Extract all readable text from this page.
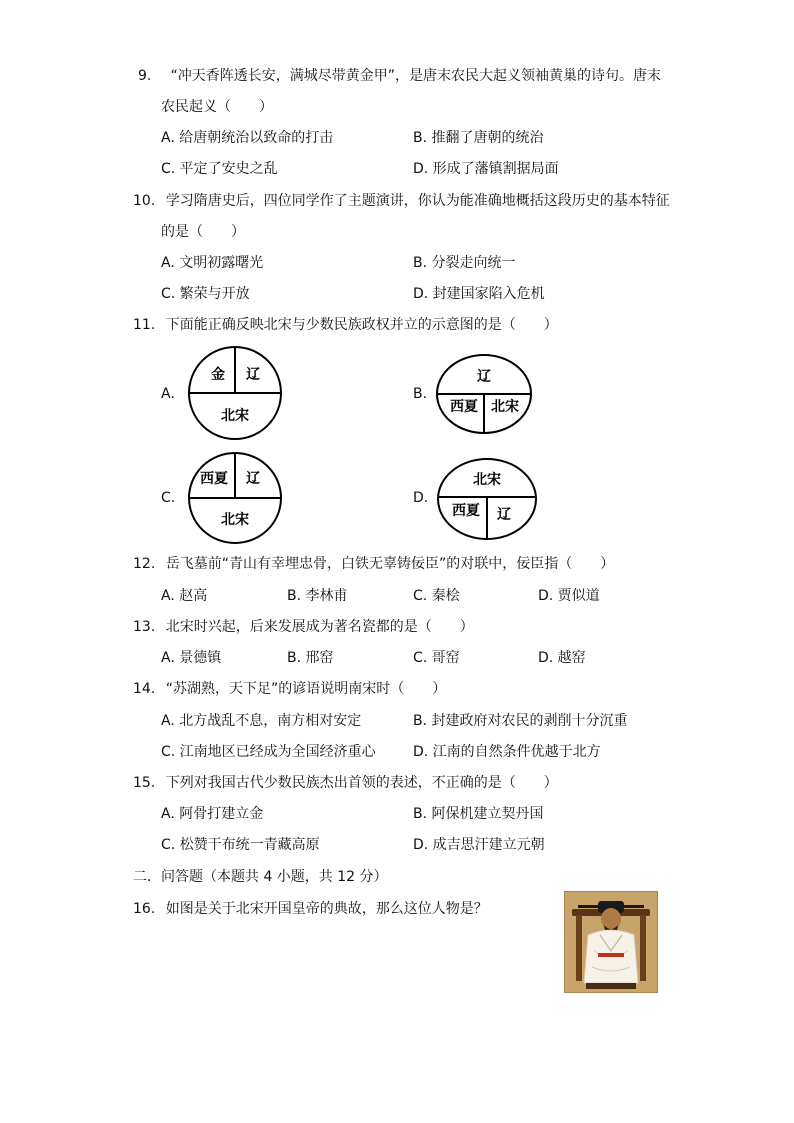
9. “冲天香阵透长安，满城尽带黄金甲”，是唐末农民大起义领袖黄巢的诗句。唐末
农民起义（　　）
A. 给唐朝统治以致命的打击	B. 推翻了唐朝的统治
C. 平定了安史之乱	D. 形成了藩镇割据局面
10. 学习隋唐史后，四位同学作了主题演讲，你认为能准确地概括这段历史的基本特征
的是（　　）
A. 文明初露曙光	B. 分裂走向统一
C. 繁荣与开放	D. 封建国家陷入危机
11. 下面能正确反映北宋与少数民族政权并立的示意图的是（　　）
A.
金 辽
北宋
B.
辽
西夏 北宋
C.
西夏 辽
北宋
D.
北宋
西夏 辽
12. 岳飞墓前“青山有幸埋忠骨，白铁无辜铸佞臣”的对联中，佞臣指（　　）
A. 赵高	B. 李林甫	C. 秦桧	D. 贾似道
13. 北宋时兴起，后来发展成为著名瓷都的是（　　）
A. 景德镇	B. 邢窑	C. 哥窑	D. 越窑
14. “苏湖熟，天下足”的谚语说明南宋时（　　）
A. 北方战乱不息，南方相对安定	B. 封建政府对农民的剥削十分沉重
C. 江南地区已经成为全国经济重心	D. 江南的自然条件优越于北方
15. 下列对我国古代少数民族杰出首领的表述，不正确的是（　　）
A. 阿骨打建立金	B. 阿保机建立契丹国
C. 松赞干布统一青藏高原	D. 成吉思汗建立元朝
二．问答题（本题共 4 小题，共 12 分）
16. 如图是关于北宋开国皇帝的典故，那么这位人物是？
